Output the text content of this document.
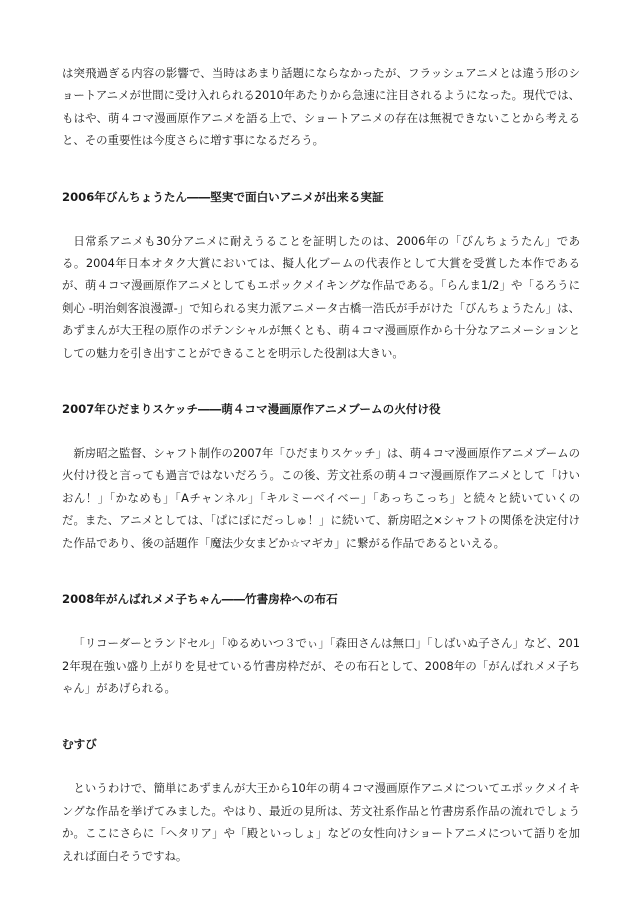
は突飛過ぎる内容の影響で、当時はあまり話題にならなかったが、フラッシュアニメとは違う形のショートアニメが世間に受け入れられる2010年あたりから急速に注目されるようになった。現代では、もはや、萌４コマ漫画原作アニメを語る上で、ショートアニメの存在は無視できないことから考えると、その重要性は今度さらに増す事になるだろう。

2006年びんちょうたん――堅実で面白いアニメが出来る実証

日常系アニメも30分アニメに耐えうることを証明したのは、2006年の「びんちょうたん」である。2004年日本オタク大賞においては、擬人化ブームの代表作として大賞を受賞した本作であるが、萌４コマ漫画原作アニメとしてもエポックメイキングな作品である。「らんま1/2」や「るろうに剣心 -明治剣客浪漫譚-」で知られる実力派アニメータ古橋一浩氏が手がけた「びんちょうたん」は、あずまんが大王程の原作のポテンシャルが無くとも、萌４コマ漫画原作から十分なアニメーションとしての魅力を引き出すことができることを明示した役割は大きい。

2007年ひだまりスケッチ――萌４コマ漫画原作アニメブームの火付け役

新房昭之監督、シャフト制作の2007年「ひだまりスケッチ」は、萌４コマ漫画原作アニメブームの火付け役と言っても過言ではないだろう。この後、芳文社系の萌４コマ漫画原作アニメとして「けいおん！」「かなめも」「Aチャンネル」「キルミーベイベー」「あっちこっち」と続々と続いていくのだ。また、アニメとしては、「ぱにぽにだっしゅ！」に続いて、新房昭之×シャフトの関係を決定付けた作品であり、後の話題作「魔法少女まどか☆マギカ」に繋がる作品であるといえる。

2008年がんばれメメ子ちゃん――竹書房枠への布石

「リコーダーとランドセル」「ゆるめいつ３でぃ」「森田さんは無口」「しばいぬ子さん」など、2012年現在強い盛り上がりを見せている竹書房枠だが、その布石として、2008年の「がんばれメメ子ちゃん」があげられる。

むすび

というわけで、簡単にあずまんが大王から10年の萌４コマ漫画原作アニメについてエポックメイキングな作品を挙げてみました。やはり、最近の見所は、芳文社系作品と竹書房系作品の流れでしょうか。ここにさらに「ヘタリア」や「殿といっしょ」などの女性向けショートアニメについて語りを加えれば面白そうですね。
